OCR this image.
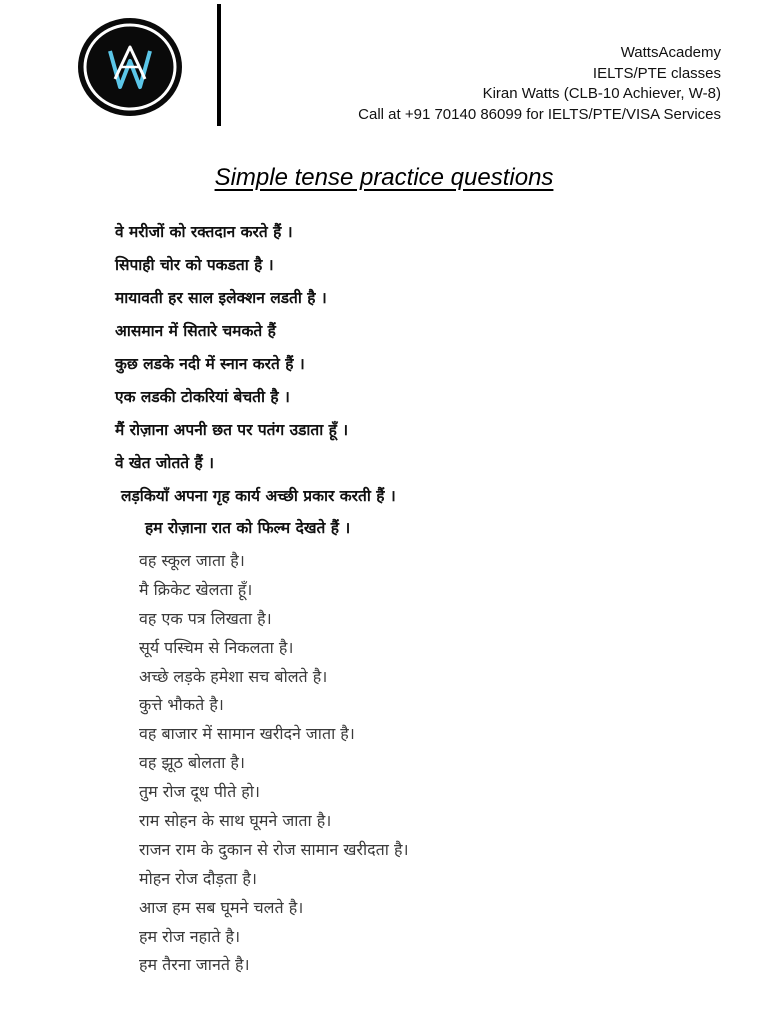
WattsAcademy
IELTS/PTE classes
Kiran Watts (CLB-10 Achiever, W-8)
Call at +91 70140 86099 for IELTS/PTE/VISA Services
Simple tense practice questions
वे मरीजों को रक्तदान करते हैं ।
सिपाही चोर को पकडता है ।
मायावती हर साल इलेक्शन लडती है ।
आसमान में सितारे चमकते हैं
कुछ लडके नदी में स्नान करते हैं ।
एक लडकी टोकरियां बेचती है ।
मैं रोज़ाना अपनी छत पर पतंग उडाता हूँ ।
वे खेत जोतते हैं ।
लड़कियाँ अपना गृह कार्य अच्छी प्रकार करती हैं ।
हम रोज़ाना रात को फिल्म देखते हैं ।
वह स्कूल जाता है।
मै क्रिकेट खेलता हूँ।
वह एक पत्र लिखता है।
सूर्य पस्चिम से निकलता है।
अच्छे लड़के हमेशा सच बोलते है।
कुत्ते भौकते है।
वह बाजार में सामान खरीदने जाता है।
वह झूठ बोलता है।
तुम रोज दूध पीते हो।
राम सोहन के साथ घूमने जाता है।
राजन राम के दुकान से रोज सामान खरीदता है।
मोहन रोज दौड़ता है।
आज हम सब घूमने चलते है।
हम रोज नहाते है।
हम तैरना जानते है।
